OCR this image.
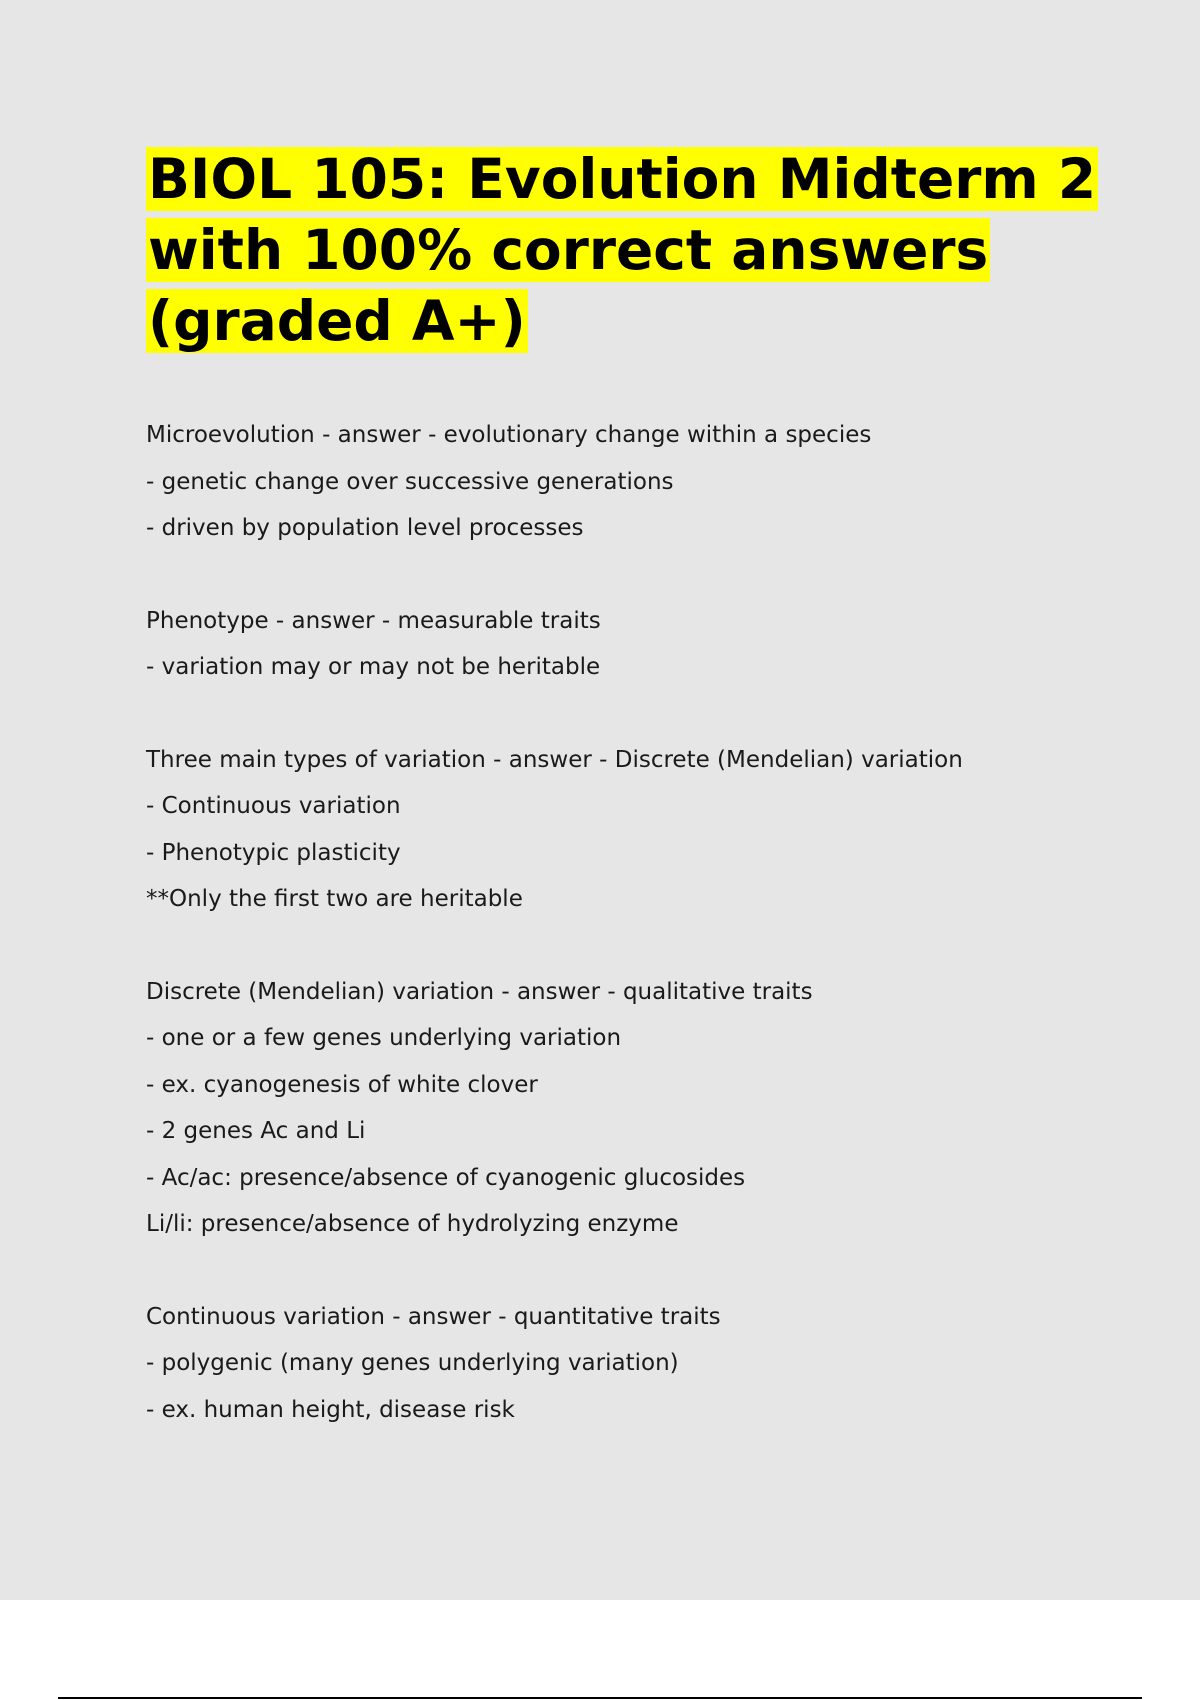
BIOL 105: Evolution Midterm 2 with 100% correct answers (graded A+)
Microevolution - answer - evolutionary change within a species
- genetic change over successive generations
- driven by population level processes
Phenotype - answer - measurable traits
- variation may or may not be heritable
Three main types of variation - answer - Discrete (Mendelian) variation
- Continuous variation
- Phenotypic plasticity
**Only the first two are heritable
Discrete (Mendelian) variation - answer - qualitative traits
- one or a few genes underlying variation
- ex. cyanogenesis of white clover
- 2 genes Ac and Li
- Ac/ac: presence/absence of cyanogenic glucosides
Li/li: presence/absence of hydrolyzing enzyme
Continuous variation - answer - quantitative traits
- polygenic (many genes underlying variation)
- ex. human height, disease risk
